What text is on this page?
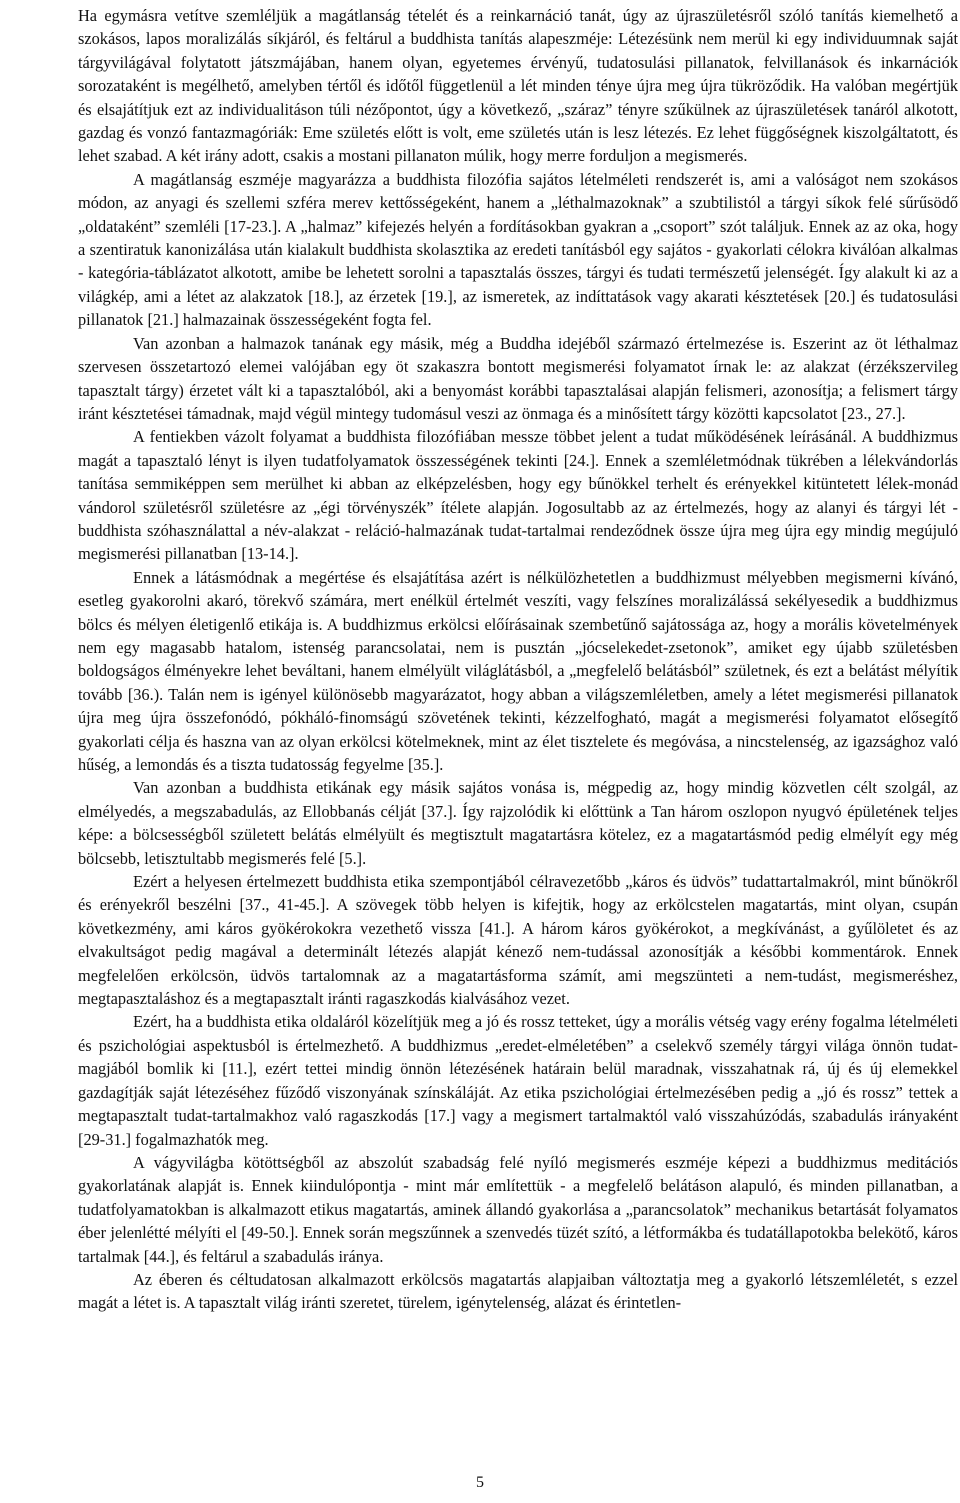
Ha egymásra vetítve szemléljük a magátlanság tételét és a reinkarnáció tanát, úgy az újraszületésről szóló tanítás kiemelhető a szokásos, lapos moralizálás síkjáról, és feltárul a buddhista tanítás alapeszméje: Létezésünk nem merül ki egy individuumnak saját tárgyvilágával folytatott játszmájában, hanem olyan, egyetemes érvényű, tudatosulási pillanatok, felvillanások és inkarnációk sorozataként is megélhető, amelyben tértől és időtől függetlenül a lét minden ténye újra meg újra tükröződik. Ha valóban megértjük és elsajátítjuk ezt az individualitáson túli nézőpontot, úgy a következő, „száraz” tényre szűkülnek az újraszületések tanáról alkotott, gazdag és vonzó fantazmagóriák: Eme születés előtt is volt, eme születés után is lesz létezés. Ez lehet függőségnek kiszolgáltatott, és lehet szabad. A két irány adott, csakis a mostani pillanaton múlik, hogy merre forduljon a megismerés.

A magátlanság eszméje magyarázza a buddhista filozófia sajátos lételméleti rendszerét is, ami a valóságot nem szokásos módon, az anyagi és szellemi szféra merev kettősségeként, hanem a „léthalmazoknak” a szubtilistól a tárgyi síkok felé sűrűsödő „oldataként” szemléli [17-23.]. A „halmaz” kifejezés helyén a fordításokban gyakran a „csoport” szót találjuk. Ennek az az oka, hogy a szentiratuk kanonizálása után kialakult buddhista skolasztika az eredeti tanításból egy sajátos - gyakorlati célokra kiválóan alkalmas - kategória-táblázatot alkotott, amibe be lehetett sorolni a tapasztalás összes, tárgyi és tudati természetű jelenségét. Így alakult ki az a világkép, ami a létet az alakzatok [18.], az érzetek [19.], az ismeretek, az indíttatások vagy akarati késztetések [20.] és tudatosulási pillanatok [21.] halmazainak összességeként fogta fel.

Van azonban a halmazok tanának egy másik, még a Buddha idejéből származó értelmezése is. Eszerint az öt léthalmaz szervesen összetartozó elemei valójában egy öt szakaszra bontott megismerési folyamatot írnak le: az alakzat (érzékszervileg tapasztalt tárgy) érzetet vált ki a tapasztalóból, aki a benyomást korábbi tapasztalásai alapján felismeri, azonosítja; a felismert tárgy iránt késztetései támadnak, majd végül mintegy tudomásul veszi az önmaga és a minősített tárgy közötti kapcsolatot [23., 27.].

A fentiekben vázolt folyamat a buddhista filozófiában messze többet jelent a tudat működésének leírásánál. A buddhizmus magát a tapasztaló lényt is ilyen tudatfolyamatok összességének tekinti [24.]. Ennek a szemléletmódnak tükrében a lélekvándorlás tanítása semmiképpen sem merülhet ki abban az elképzelésben, hogy egy bűnökkel terhelt és erényekkel kitüntetett lélek-monád vándorol születésről születésre az „égi törvényszék” ítélete alapján. Jogosultabb az az értelmezés, hogy az alanyi és tárgyi lét - buddhista szóhasználattal a név-alakzat - reláció-halmazának tudat-tartalmai rendeződnek össze újra meg újra egy mindig megújuló megismerési pillanatban [13-14.].

Ennek a látásmódnak a megértése és elsajátítása azért is nélkülözhetetlen a buddhizmust mélyebben megismerni kívánó, esetleg gyakorolni akaró, törekvő számára, mert enélkül értelmét veszíti, vagy felszínes moralizálássá sekélyesedik a buddhizmus bölcs és mélyen életigenlő etikája is. A buddhizmus erkölcsi előírásainak szembetűnő sajátossága az, hogy a morális követelmények nem egy magasabb hatalom, istenség parancsolatai, nem is pusztán „jócselekedet-zsetonok”, amiket egy újabb születésben boldogságos élményekre lehet beváltani, hanem elmélyült világlátásból, a „megfelelő belátásból” születnek, és ezt a belátást mélyítik tovább [36.). Talán nem is igényel különösebb magyarázatot, hogy abban a világszemléletben, amely a létet megismerési pillanatok újra meg újra összefonódó, pókháló-finomságú szövetének tekinti, kézzelfogható, magát a megismerési folyamatot elősegítő gyakorlati célja és haszna van az olyan erkölcsi kötelmeknek, mint az élet tisztelete és megóvása, a nincstelenség, az igazsághoz való hűség, a lemondás és a tiszta tudatosság fegyelme [35.].

Van azonban a buddhista etikának egy másik sajátos vonása is, mégpedig az, hogy mindig közvetlen célt szolgál, az elmélyedés, a megszabadulás, az Ellobbanás célját [37.]. Így rajzolódik ki előttünk a Tan három oszlopon nyugvó épületének teljes képe: a bölcsességből született belátás elmélyült és megtisztult magatartásra kötelez, ez a magatartásmód pedig elmélyít egy még bölcsebb, letisztultabb megismerés felé [5.].

Ezért a helyesen értelmezett buddhista etika szempontjából célravezetőbb „káros és üdvös” tudattartalmakról, mint bűnökről és erényekről beszélni [37., 41-45.]. A szövegek több helyen is kifejtik, hogy az erkölcstelen magatartás, mint olyan, csupán következmény, ami káros gyökérokokra vezethető vissza [41.]. A három káros gyökérokot, a megkívánást, a gyűlöletet és az elvakultságot pedig magával a determinált létezés alapját kénező nem-tudással azonosítják a későbbi kommentárok. Ennek megfelelően erkölcsön, üdvös tartalomnak az a magatartásforma számít, ami megszünteti a nem-tudást, megismeréshez, megtapasztaláshoz és a megtapasztalt iránti ragaszkodás kialvásához vezet.

Ezért, ha a buddhista etika oldaláról közelítjük meg a jó és rossz tetteket, úgy a morális vétség vagy erény fogalma lételméleti és pszichológiai aspektusból is értelmezhető. A buddhizmus „eredet-elméletében” a cselekvő személy tárgyi világa önnön tudat-magjából bomlik ki [11.], ezért tettei mindig önnön létezésének határain belül maradnak, visszahatnak rá, új és új elemekkel gazdagítják saját létezéséhez fűződő viszonyának színskáláját. Az etika pszichológiai értelmezésében pedig a „jó és rossz” tettek a megtapasztalt tudat-tartalmakhoz való ragaszkodás [17.] vagy a megismert tartalmaktól való visszahúzódás, szabadulás irányaként [29-31.] fogalmazhatók meg.

A vágyvilágba kötöttségből az abszolút szabadság felé nyíló megismerés eszméje képezi a buddhizmus meditációs gyakorlatának alapját is. Ennek kiindulópontja - mint már említettük - a megfelelő belátáson alapuló, és minden pillanatban, a tudatfolyamatokban is alkalmazott etikus magatartás, aminek állandó gyakorlása a „parancsolatok” mechanikus betartását folyamatos éber jelenlétté mélyíti el [49-50.]. Ennek során megszűnnek a szenvedés tüzét szító, a létformákba és tudatállapotokba belekötő, káros tartalmak [44.], és feltárul a szabadulás iránya.

Az éberen és céltudatosan alkalmazott erkölcsös magatartás alapjaiban változtatja meg a gyakorló létszemléletét, s ezzel magát a létet is. A tapasztalt világ iránti szeretet, türelem, igénytelenség, alázat és érintetlen-

5
